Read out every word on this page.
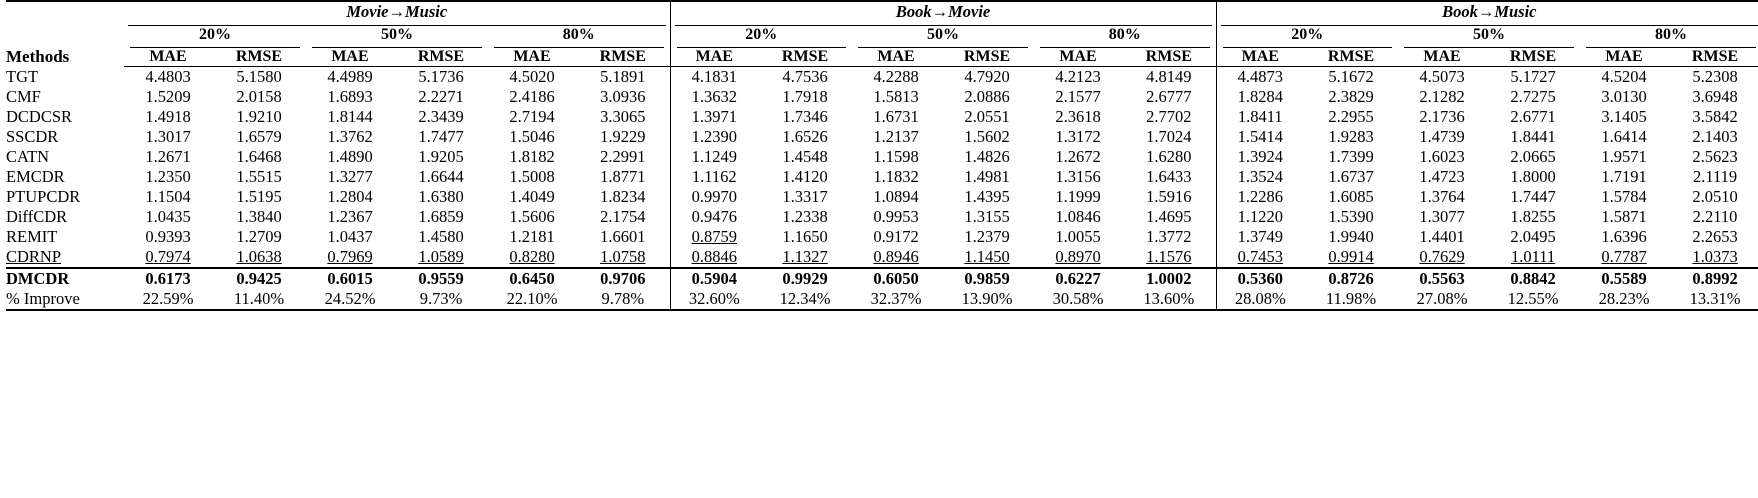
Methods	Movie→Music						Book→Movie						Book→Music					

	20%		50%		80%		20%		50%		80%		20%		50%		80%	

	MAE	RMSE	MAE	RMSE	MAE	RMSE	MAE	RMSE	MAE	RMSE	MAE	RMSE	MAE	RMSE	MAE	RMSE	MAE	RMSE
TGT	4.4803	5.1580	4.4989	5.1736	4.5020	5.1891	4.1831	4.7536	4.2288	4.7920	4.2123	4.8149	4.4873	5.1672	4.5073	5.1727	4.5204	5.2308
CMF	1.5209	2.0158	1.6893	2.2271	2.4186	3.0936	1.3632	1.7918	1.5813	2.0886	2.1577	2.6777	1.8284	2.3829	2.1282	2.7275	3.0130	3.6948
DCDCSR	1.4918	1.9210	1.8144	2.3439	2.7194	3.3065	1.3971	1.7346	1.6731	2.0551	2.3618	2.7702	1.8411	2.2955	2.1736	2.6771	3.1405	3.5842
SSCDR	1.3017	1.6579	1.3762	1.7477	1.5046	1.9229	1.2390	1.6526	1.2137	1.5602	1.3172	1.7024	1.5414	1.9283	1.4739	1.8441	1.6414	2.1403
CATN	1.2671	1.6468	1.4890	1.9205	1.8182	2.2991	1.1249	1.4548	1.1598	1.4826	1.2672	1.6280	1.3924	1.7399	1.6023	2.0665	1.9571	2.5623
EMCDR	1.2350	1.5515	1.3277	1.6644	1.5008	1.8771	1.1162	1.4120	1.1832	1.4981	1.3156	1.6433	1.3524	1.6737	1.4723	1.8000	1.7191	2.1119
PTUPCDR	1.1504	1.5195	1.2804	1.6380	1.4049	1.8234	0.9970	1.3317	1.0894	1.4395	1.1999	1.5916	1.2286	1.6085	1.3764	1.7447	1.5784	2.0510
DiffCDR	1.0435	1.3840	1.2367	1.6859	1.5606	2.1754	0.9476	1.2338	0.9953	1.3155	1.0846	1.4695	1.1220	1.5390	1.3077	1.8255	1.5871	2.2110
REMIT	0.9393	1.2709	1.0437	1.4580	1.2181	1.6601	0.8759	1.1650	0.9172	1.2379	1.0055	1.3772	1.3749	1.9940	1.4401	2.0495	1.6396	2.2653
CDRNP	0.7974	1.0638	0.7969	1.0589	0.8280	1.0758	0.8846	1.1327	0.8946	1.1450	0.8970	1.1576	0.7453	0.9914	0.7629	1.0111	0.7787	1.0373
DMCDR	0.6173	0.9425	0.6015	0.9559	0.6450	0.9706	0.5904	0.9929	0.6050	0.9859	0.6227	1.0002	0.5360	0.8726	0.5563	0.8842	0.5589	0.8992
% Improve	22.59%	11.40%	24.52%	9.73%	22.10%	9.78%	32.60%	12.34%	32.37%	13.90%	30.58%	13.60%	28.08%	11.98%	27.08%	12.55%	28.23%	13.31%
